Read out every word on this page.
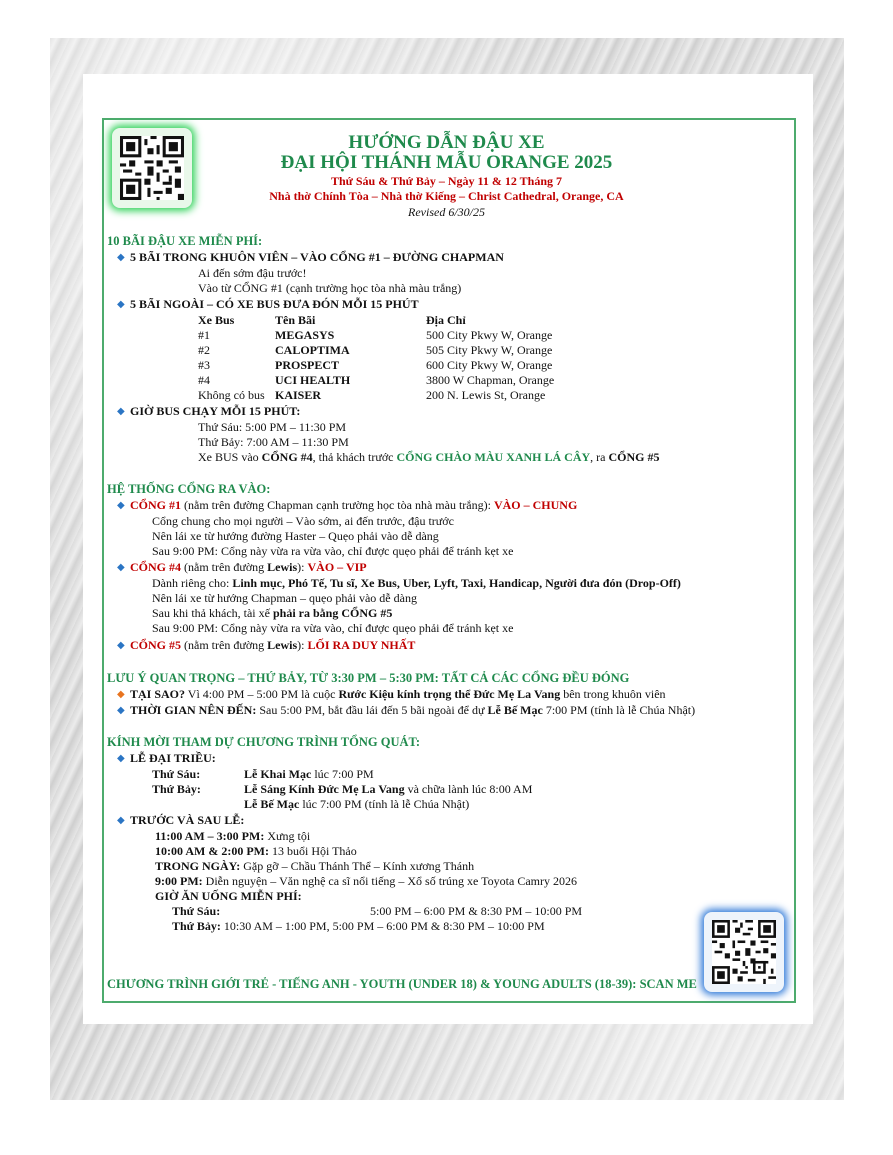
HƯỚNG DẪN ĐẬU XE
ĐẠI HỘI THÁNH MẪU ORANGE 2025
Thứ Sáu & Thứ Bảy – Ngày 11 & 12 Tháng 7
Nhà thờ Chính Tòa – Nhà thờ Kiếng – Christ Cathedral, Orange, CA
Revised 6/30/25
10 BÃI ĐẬU XE MIỄN PHÍ:
◆ 5 BÃI TRONG KHUÔN VIÊN – VÀO CỔNG #1 – ĐƯỜNG CHAPMAN
Ai đến sớm đậu trước!
Vào từ CỔNG #1 (cạnh trường học tòa nhà màu trắng)
◆ 5 BÃI NGOÀI – CÓ XE BUS ĐƯA ĐÓN MỖI 15 PHÚT
Xe Bus	Tên Bãi	Địa Chỉ
#1	MEGASYS	500 City Pkwy W, Orange
#2	CALOPTIMA	505 City Pkwy W, Orange
#3	PROSPECT	600 City Pkwy W, Orange
#4	UCI HEALTH	3800 W Chapman, Orange
Không có bus KAISER	200 N. Lewis St, Orange
◆ GIỜ BUS CHẠY MỖI 15 PHÚT:
Thứ Sáu: 5:00 PM – 11:30 PM
Thứ Bảy: 7:00 AM – 11:30 PM
Xe BUS vào CỔNG #4, thả khách trước CỔNG CHÀO MÀU XANH LÁ CÂY, ra CỔNG #5
HỆ THỐNG CỔNG RA VÀO:
◆ CỔNG #1 (nằm trên đường Chapman cạnh trường học tòa nhà màu trắng): VÀO – CHUNG
Cổng chung cho mọi người – Vào sớm, ai đến trước, đậu trước
Nên lái xe từ hướng đường Haster – Quẹo phải vào dễ dàng
Sau 9:00 PM: Cổng này vừa ra vừa vào, chỉ được quẹo phải để tránh kẹt xe
◆ CỔNG #4 (nằm trên đường Lewis): VÀO – VIP
Dành riêng cho: Linh mục, Phó Tế, Tu sĩ, Xe Bus, Uber, Lyft, Taxi, Handicap, Người đưa đón (Drop-Off)
Nên lái xe từ hướng Chapman – quẹo phải vào dễ dàng
Sau khi thả khách, tài xế phải ra bằng CỔNG #5
Sau 9:00 PM: Cổng này vừa ra vừa vào, chỉ được quẹo phải để tránh kẹt xe
◆ CỔNG #5 (nằm trên đường Lewis): LỐI RA DUY NHẤT
LƯU Ý QUAN TRỌNG – THỨ BẢY, TỪ 3:30 PM – 5:30 PM: TẤT CẢ CÁC CỔNG ĐỀU ĐÓNG
◆ TẠI SAO? Vì 4:00 PM – 5:00 PM là cuộc Rước Kiệu kính trọng thể Đức Mẹ La Vang bên trong khuôn viên
◆ THỜI GIAN NÊN ĐẾN: Sau 5:00 PM, bắt đầu lái đến 5 bãi ngoài để dự Lễ Bế Mạc 7:00 PM (tính là lễ Chúa Nhật)
KÍNH MỜI THAM DỰ CHƯƠNG TRÌNH TỔNG QUÁT:
◆ LỄ ĐẠI TRIỀU:
Thứ Sáu:	Lễ Khai Mạc lúc 7:00 PM
Thứ Bảy:	Lễ Sáng Kính Đức Mẹ La Vang và chữa lành lúc 8:00 AM
Lễ Bế Mạc lúc 7:00 PM (tính là lễ Chúa Nhật)
◆ TRƯỚC VÀ SAU LỄ:
11:00 AM – 3:00 PM: Xưng tội
10:00 AM & 2:00 PM: 13 buổi Hội Thảo
TRONG NGÀY: Gặp gỡ – Chầu Thánh Thể – Kính xương Thánh
9:00 PM: Diễn nguyện – Văn nghệ ca sĩ nổi tiếng – Xổ số trúng xe Toyota Camry 2026
GIỜ ĂN UỐNG MIỄN PHÍ:
Thứ Sáu:	5:00 PM – 6:00 PM & 8:30 PM – 10:00 PM
Thứ Bảy: 10:30 AM – 1:00 PM, 5:00 PM – 6:00 PM & 8:30 PM – 10:00 PM
CHƯƠNG TRÌNH GIỚI TRẺ - TIẾNG ANH - YOUTH (UNDER 18) & YOUNG ADULTS (18-39): SCAN ME
